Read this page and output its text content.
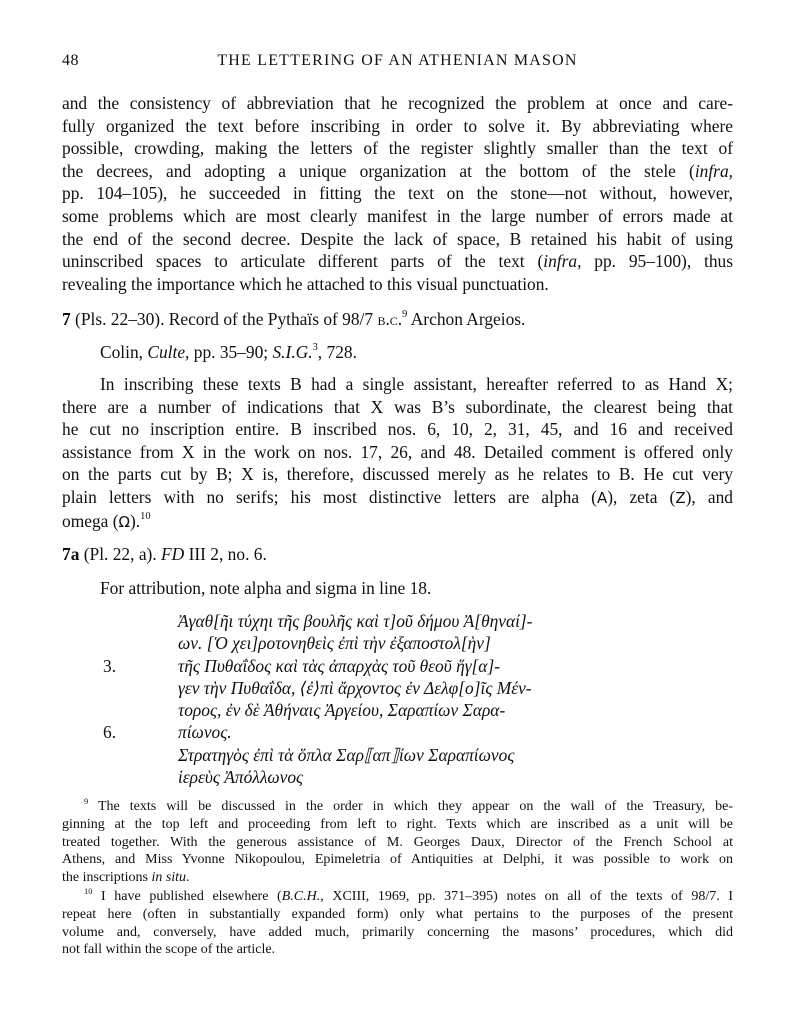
48	THE LETTERING OF AN ATHENIAN MASON
and the consistency of abbreviation that he recognized the problem at once and care-
fully organized the text before inscribing in order to solve it. By abbreviating where
possible, crowding, making the letters of the register slightly smaller than the text of
the decrees, and adopting a unique organization at the bottom of the stele (infra,
pp. 104–105), he succeeded in fitting the text on the stone—not without, however,
some problems which are most clearly manifest in the large number of errors made at
the end of the second decree. Despite the lack of space, B retained his habit of using
uninscribed spaces to articulate different parts of the text (infra, pp. 95–100), thus
revealing the importance which he attached to this visual punctuation.
7 (Pls. 22–30). Record of the Pythaïs of 98/7 b.c.$^9$ Archon Argeios.
Colin, Culte, pp. 35–90; S.I.G.$^3$, 728.
In inscribing these texts B had a single assistant, hereafter referred to as Hand X;
there are a number of indications that X was B’s subordinate, the clearest being that
he cut no inscription entire. B inscribed nos. 6, 10, 2, 31, 45, and 16 and received
assistance from X in the work on nos. 17, 26, and 48. Detailed comment is offered only
on the parts cut by B; X is, therefore, discussed merely as he relates to B. He cut very
plain letters with no serifs; his most distinctive letters are alpha (A), zeta (Z), and
omega (Ω).$^{10}$
7a (Pl. 22, a). FD III 2, no. 6.
For attribution, note alpha and sigma in line 18.
Ἀγαθ[ῆι τύχηι τῆς βουλῆς καὶ τ]οῦ δήμου Ἀ[θηναί]-
ων. [Ὁ χει]ροτονηθεὶς ἐπὶ τὴν ἐξαποστολ[ὴν]
3.	τῆς Πυθαΐδος καὶ τὰς ἀπαρχὰς τοῦ θεοῦ ἥγ[α]-
γεν τὴν Πυθαΐδα, ⟨ἐ⟩πὶ ἄρχοντος ἐν Δελφ[ο]ῖς Μέν-
τορος, ἐν δὲ Ἀθήναις Ἀργείου, Σαραπίων Σαρα-
6.	πίωνος.
Στρατηγὸς ἐπὶ τὰ ὅπλα Σαρ⟦απ⟧ίων Σαραπίωνος
ἱερεὺς Ἀπόλλωνος
$^9$ The texts will be discussed in the order in which they appear on the wall of the Treasury, be-
ginning at the top left and proceeding from left to right. Texts which are inscribed as a unit will be
treated together. With the generous assistance of M. Georges Daux, Director of the French School at
Athens, and Miss Yvonne Nikopoulou, Epimeletria of Antiquities at Delphi, it was possible to work on
the inscriptions in situ.
$^{10}$ I have published elsewhere (B.C.H., XCIII, 1969, pp. 371–395) notes on all of the texts of 98/7. I
repeat here (often in substantially expanded form) only what pertains to the purposes of the present
volume and, conversely, have added much, primarily concerning the masons’ procedures, which did
not fall within the scope of the article.
